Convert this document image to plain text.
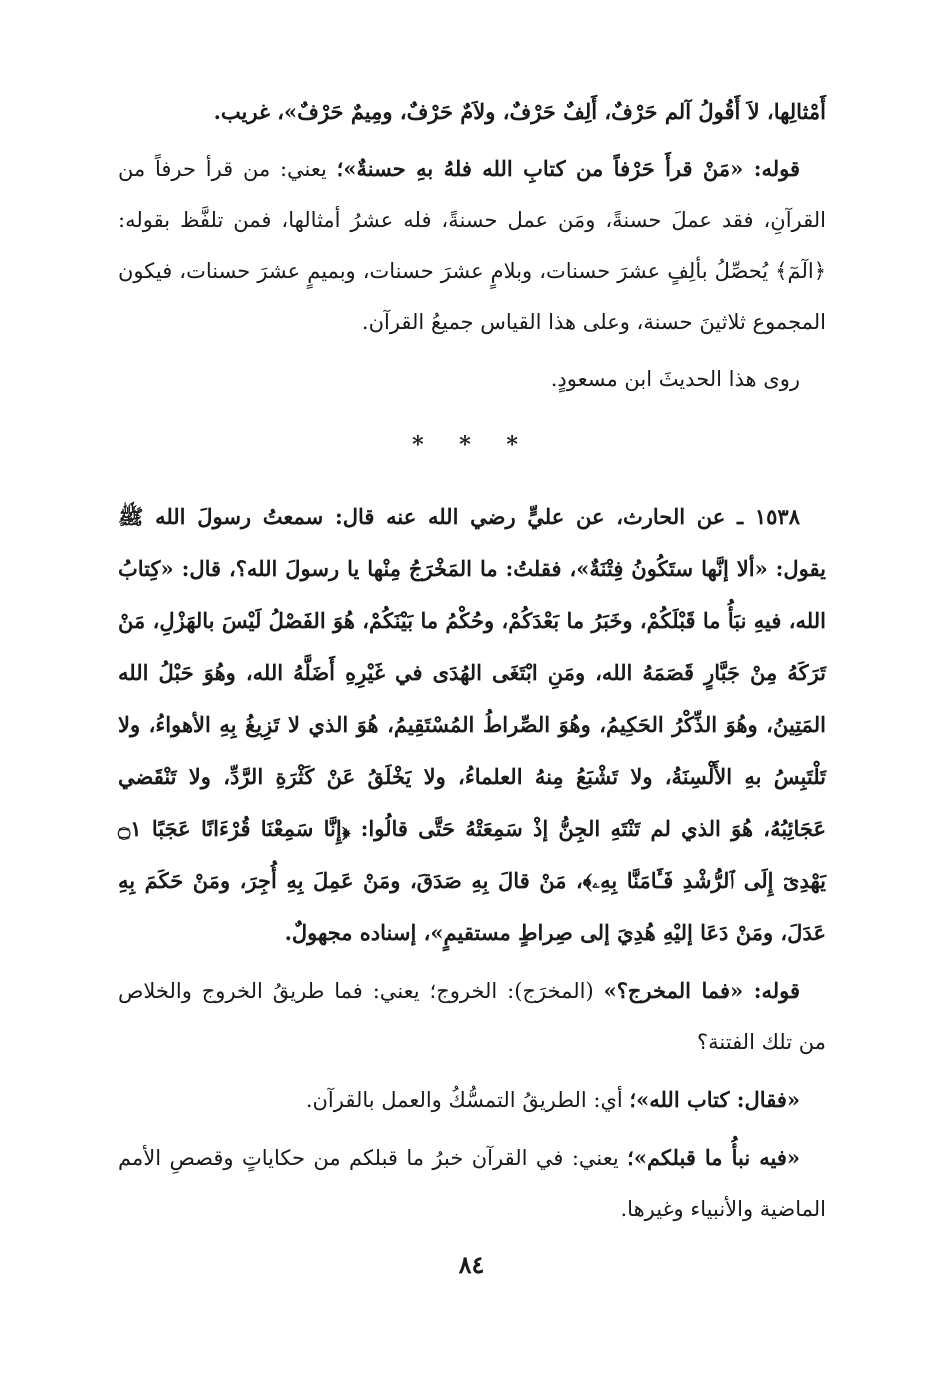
أَمْثالِها، لاَ أَقُولُ آلم حَرْفٌ، أَلِفٌ حَرْفٌ، ولاَمٌ حَرْفٌ، ومِيمٌ حَرْفٌ»، غريب.

قوله: «مَنْ قرأَ حَرْفاً من كتابِ الله فلهُ بهِ حسنةٌ»؛ يعني: من قرأ حرفاً من القرآنِ، فقد عملَ حسنةً، ومَن عمل حسنةً، فله عشرُ أمثالها، فمن تلفَّظ بقوله: ﴿الٓمٓ﴾ يُحصِّلُ بألِفٍ عشرَ حسنات، وبلامٍ عشرَ حسنات، وبميمٍ عشرَ حسنات، فيكون المجموع ثلاثينَ حسنة، وعلى هذا القياس جميعُ القرآن.

روى هذا الحديثَ ابن مسعودٍ.

* * *

١٥٣٨ ـ عن الحارث، عن عليٍّ رضي الله عنه قال: سمعتُ رسولَ الله ﷺ يقول: «ألا إنَّها ستَكُونُ فِتْنَةٌ»، فقلتُ: ما المَخْرَجُ مِنْها يا رسولَ الله؟، قال: «كِتابُ الله، فيهِ نبَأُ ما قَبْلَكُمْ، وخَبَرُ ما بَعْدَكُمْ، وحُكْمُ ما بَيْنَكُمْ، هُوَ الفَصْلُ لَيْسَ بالهَزْلِ، مَنْ تَرَكَهُ مِنْ جَبَّارٍ قَصَمَهُ الله، ومَنِ ابْتَغَى الهُدَى في غَيْرِهِ أَضَلَّهُ الله، وهُوَ حَبْلُ الله المَتِينُ، وهُوَ الذِّكْرُ الحَكِيمُ، وهُوَ الصِّراطُ المُسْتَقِيمُ، هُوَ الذي لا تَزِيغُ بِهِ الأهواءُ، ولا تَلْتَبِسُ بهِ الأَلْسِنَةُ، ولا تَشْبَعُ مِنهُ العلماءُ، ولا يَخْلَقُ عَنْ كَثْرَةِ الرَّدِّ، ولا تَنْقَضي عَجَائِبُهُ، هُوَ الذي لم تَنْتَهِ الجِنُّ إذْ سَمِعَتْهُ حَتَّى قالُوا: ﴿إِنَّا سَمِعْنَا قُرْءَانًا عَجَبًا ۝١ يَهْدِىٓ إِلَى ٱلرُّشْدِ فَـَٔامَنَّا بِهِۦ﴾، مَنْ قالَ بِهِ صَدَقَ، ومَنْ عَمِلَ بِهِ أُجِرَ، ومَنْ حَكَمَ بِهِ عَدَلَ، ومَنْ دَعَا إليْهِ هُدِيَ إلى صِراطٍ مستقيمٍ»، إسناده مجهولٌ.

قوله: «فما المخرج؟» (المخرَج): الخروج؛ يعني: فما طريقُ الخروج والخلاص من تلك الفتنة؟

«فقال: كتاب الله»؛ أي: الطريقُ التمسُّكُ والعمل بالقرآن.

«فيه نبأُ ما قبلكم»؛ يعني: في القرآن خبرُ ما قبلكم من حكاياتٍ وقصصِ الأمم الماضية والأنبياء وغيرها.

٨٤
